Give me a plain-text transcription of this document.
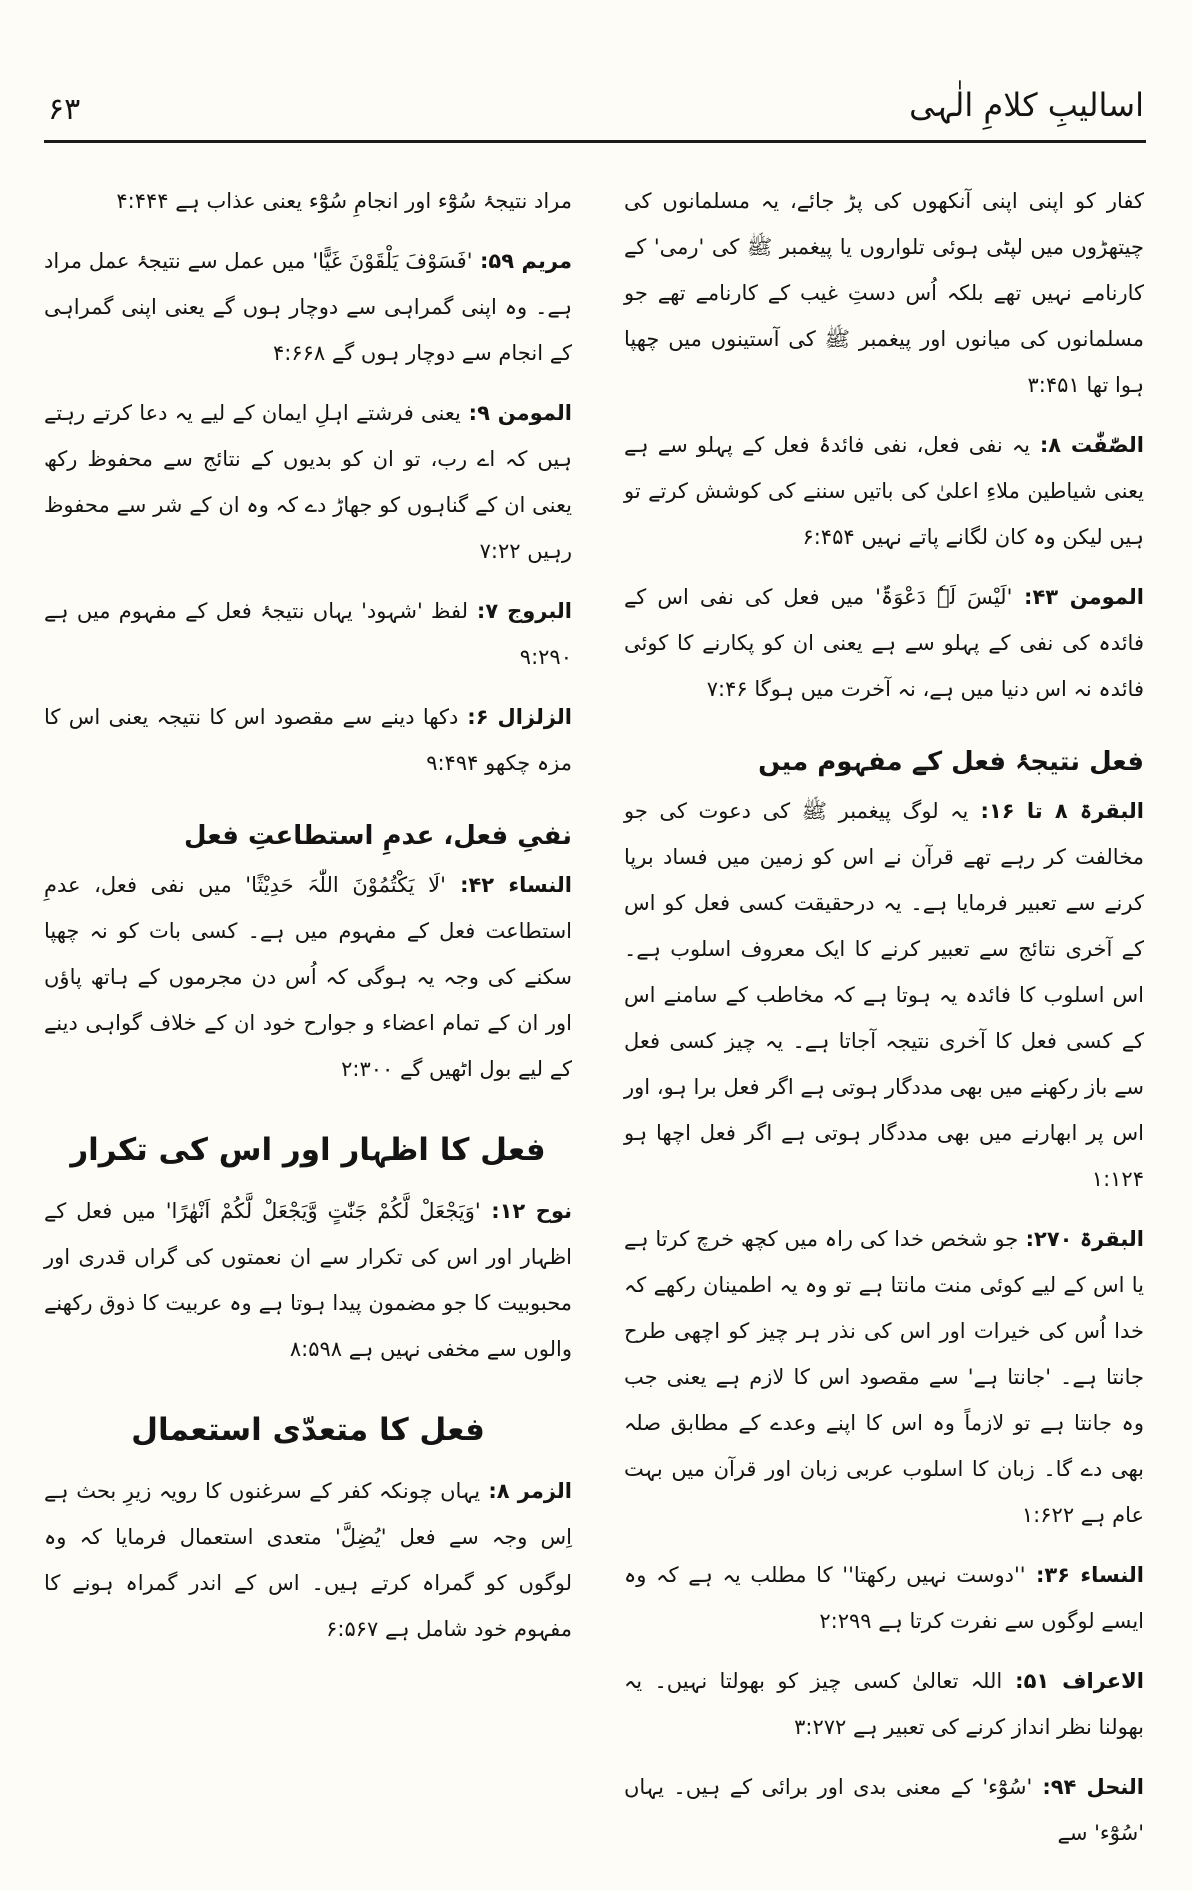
۶۳	اسالیبِ کلامِ الٰہی

کفار کو اپنی اپنی آنکھوں کی پڑ جائے، یہ مسلمانوں کی چیتھڑوں میں لپٹی ہوئی تلواروں یا پیغمبر ﷺ کی 'رمی' کے کارنامے نہیں تھے بلکہ اُس دستِ غیب کے کارنامے تھے جو مسلمانوں کی میانوں اور پیغمبر ﷺ کی آستینوں میں چھپا ہوا تھا ۳:۴۵۱

الصّٰفّٰت ۸: یہ نفی فعل، نفی فائدۂ فعل کے پہلو سے ہے یعنی شیاطین ملاءِ اعلیٰ کی باتیں سننے کی کوشش کرتے تو ہیں لیکن وہ کان لگانے پاتے نہیں ۶:۴۵۴

المومن ۴۳: 'لَیْسَ لَہٗ دَعْوَۃٌ' میں فعل کی نفی اس کے فائدہ کی نفی کے پہلو سے ہے یعنی ان کو پکارنے کا کوئی فائدہ نہ اس دنیا میں ہے، نہ آخرت میں ہوگا ۷:۴۶

فعل نتیجۂ فعل کے مفہوم میں

البقرۃ ۸ تا ۱۶: یہ لوگ پیغمبر ﷺ کی دعوت کی جو مخالفت کر رہے تھے قرآن نے اس کو زمین میں فساد برپا کرنے سے تعبیر فرمایا ہے۔ یہ درحقیقت کسی فعل کو اس کے آخری نتائج سے تعبیر کرنے کا ایک معروف اسلوب ہے۔ اس اسلوب کا فائدہ یہ ہوتا ہے کہ مخاطب کے سامنے اس کے کسی فعل کا آخری نتیجہ آجاتا ہے۔ یہ چیز کسی فعل سے باز رکھنے میں بھی مددگار ہوتی ہے اگر فعل برا ہو، اور اس پر ابھارنے میں بھی مددگار ہوتی ہے اگر فعل اچھا ہو ۱:۱۲۴

البقرۃ ۲۷۰: جو شخص خدا کی راہ میں کچھ خرچ کرتا ہے یا اس کے لیے کوئی منت مانتا ہے تو وہ یہ اطمینان رکھے کہ خدا اُس کی خیرات اور اس کی نذر ہر چیز کو اچھی طرح جانتا ہے۔ 'جانتا ہے' سے مقصود اس کا لازم ہے یعنی جب وہ جانتا ہے تو لازماً وہ اس کا اپنے وعدے کے مطابق صلہ بھی دے گا۔ زبان کا اسلوب عربی زبان اور قرآن میں بہت عام ہے ۱:۶۲۲

النساء ۳۶: ''دوست نہیں رکھتا'' کا مطلب یہ ہے کہ وہ ایسے لوگوں سے نفرت کرتا ہے ۲:۲۹۹

الاعراف ۵۱: اللہ تعالیٰ کسی چیز کو بھولتا نہیں۔ یہ بھولنا نظر انداز کرنے کی تعبیر ہے ۳:۲۷۲

النحل ۹۴: 'سُوْٓء' کے معنی بدی اور برائی کے ہیں۔ یہاں 'سُوْٓء' سے

مراد نتیجۂ سُوْٓء اور انجامِ سُوْٓء یعنی عذاب ہے ۴:۴۴۴

مریم ۵۹: 'فَسَوْفَ یَلْقَوْنَ غَیًّا' میں عمل سے نتیجۂ عمل مراد ہے۔ وہ اپنی گمراہی سے دوچار ہوں گے یعنی اپنی گمراہی کے انجام سے دوچار ہوں گے ۴:۶۶۸

المومن ۹: یعنی فرشتے اہلِ ایمان کے لیے یہ دعا کرتے رہتے ہیں کہ اے رب، تو ان کو بدیوں کے نتائج سے محفوظ رکھ یعنی ان کے گناہوں کو جھاڑ دے کہ وہ ان کے شر سے محفوظ رہیں ۷:۲۲

البروج ۷: لفظ 'شہود' یہاں نتیجۂ فعل کے مفہوم میں ہے ۹:۲۹۰

الزلزال ۶: دکھا دینے سے مقصود اس کا نتیجہ یعنی اس کا مزہ چکھو ۹:۴۹۴

نفیِ فعل، عدمِ استطاعتِ فعل

النساء ۴۲: 'لَا یَکْتُمُوْنَ اللّٰہَ حَدِیْثًا' میں نفی فعل، عدمِ استطاعت فعل کے مفہوم میں ہے۔ کسی بات کو نہ چھپا سکنے کی وجہ یہ ہوگی کہ اُس دن مجرموں کے ہاتھ پاؤں اور ان کے تمام اعضاء و جوارح خود ان کے خلاف گواہی دینے کے لیے بول اٹھیں گے ۲:۳۰۰

فعل کا اظہار اور اس کی تکرار

نوح ۱۲: 'وَیَجْعَلْ لَّکُمْ جَنّٰتٍ وَّیَجْعَلْ لَّکُمْ اَنْھٰرًا' میں فعل کے اظہار اور اس کی تکرار سے ان نعمتوں کی گراں قدری اور محبوبیت کا جو مضمون پیدا ہوتا ہے وہ عربیت کا ذوق رکھنے والوں سے مخفی نہیں ہے ۸:۵۹۸

فعل کا متعدّی استعمال

الزمر ۸: یہاں چونکہ کفر کے سرغنوں کا رویہ زیرِ بحث ہے اِس وجہ سے فعل 'یُضِلَّ' متعدی استعمال فرمایا کہ وہ لوگوں کو گمراہ کرتے ہیں۔ اس کے اندر گمراہ ہونے کا مفہوم خود شامل ہے ۶:۵۶۷
